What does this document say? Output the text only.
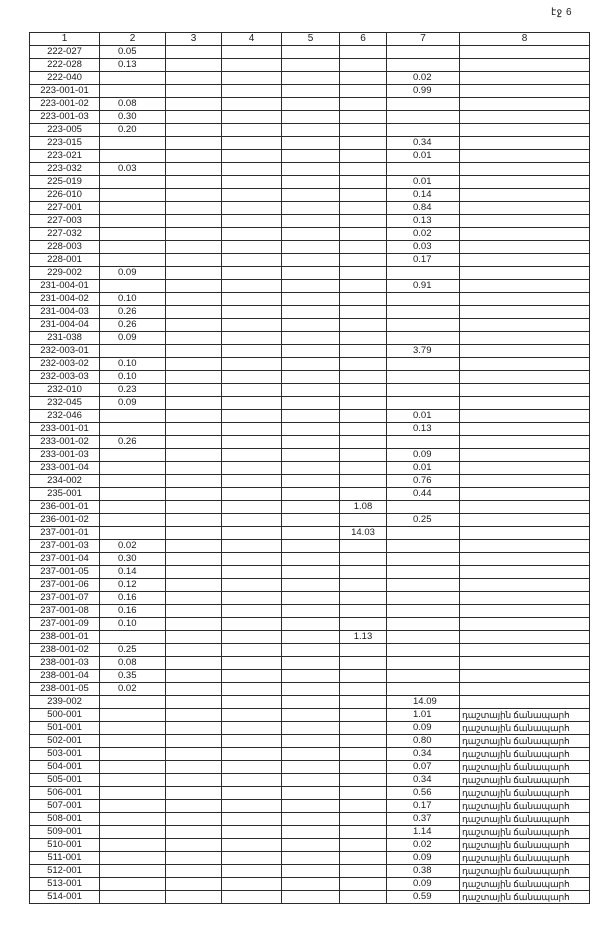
էջ 6
1	2	3	4	5	6	7	8
222-027	0.05						
222-028	0.13						
222-040						0.02	
223-001-01						0.99	
223-001-02	0.08						
223-001-03	0.30						
223-005	0.20						
223-015						0.34	
223-021						0.01	
223-032	0.03						
225-019						0.01	
226-010						0.14	
227-001						0.84	
227-003						0.13	
227-032						0.02	
228-003						0.03	
228-001						0.17	
229-002	0.09						
231-004-01						0.91	
231-004-02	0.10						
231-004-03	0.26						
231-004-04	0.26						
231-038	0.09						
232-003-01						3.79	
232-003-02	0.10						
232-003-03	0.10						
232-010	0.23						
232-045	0.09						
232-046						0.01	
233-001-01						0.13	
233-001-02	0.26						
233-001-03						0.09	
233-001-04						0.01	
234-002						0.76	
235-001						0.44	
236-001-01					1.08		
236-001-02						0.25	
237-001-01					14.03		
237-001-03	0.02						
237-001-04	0.30						
237-001-05	0.14						
237-001-06	0.12						
237-001-07	0.16						
237-001-08	0.16						
237-001-09	0.10						
238-001-01					1.13		
238-001-02	0.25						
238-001-03	0.08						
238-001-04	0.35						
238-001-05	0.02						
239-002						14.09	
500-001						1.01	դաշտային ճանապարհ
501-001						0.09	դաշտային ճանապարհ
502-001						0.80	դաշտային ճանապարհ
503-001						0.34	դաշտային ճանապարհ
504-001						0.07	դաշտային ճանապարհ
505-001						0.34	դաշտային ճանապարհ
506-001						0.56	դաշտային ճանապարհ
507-001						0.17	դաշտային ճանապարհ
508-001						0.37	դաշտային ճանապարհ
509-001						1.14	դաշտային ճանապարհ
510-001						0.02	դաշտային ճանապարհ
511-001						0.09	դաշտային ճանապարհ
512-001						0.38	դաշտային ճանապարհ
513-001						0.09	դաշտային ճանապարհ
514-001						0.59	դաշտային ճանապարհ
